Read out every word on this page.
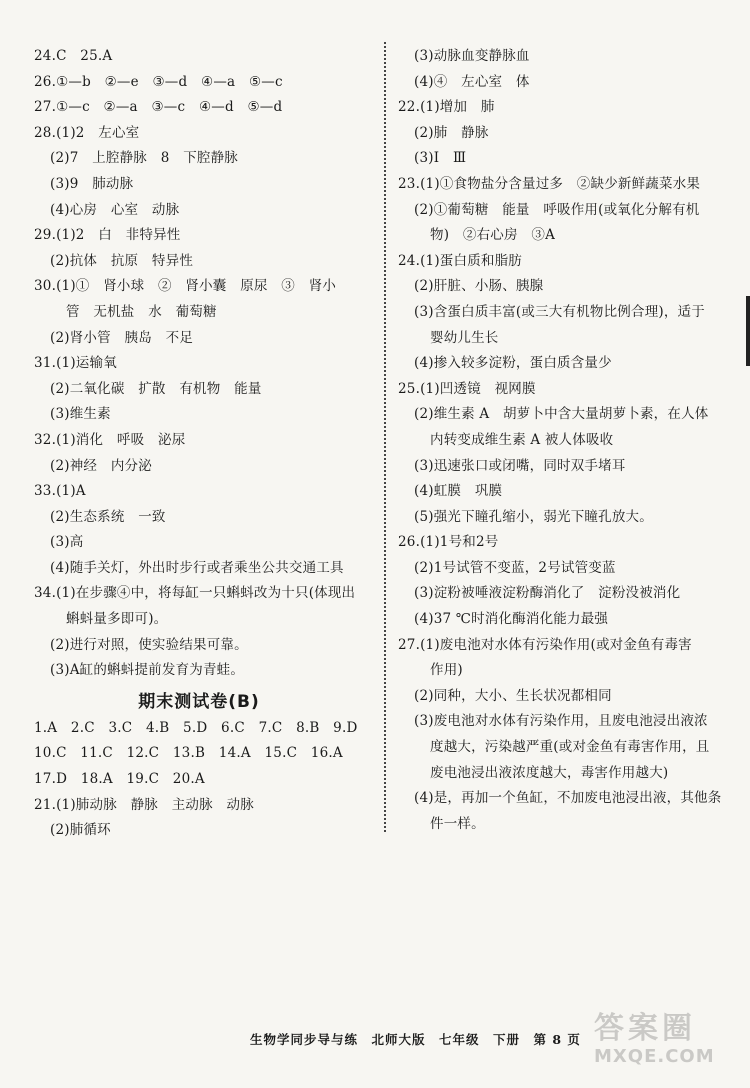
24.C　25.A
26.①—b　②—e　③—d　④—a　⑤—c
27.①—c　②—a　③—c　④—d　⑤—d
28.(1)2　左心室
(2)7　上腔静脉　8　下腔静脉
(3)9　肺动脉
(4)心房　心室　动脉
29.(1)2　白　非特异性
(2)抗体　抗原　特异性
30.(1)①　肾小球　②　肾小囊　原尿　③　肾小
管　无机盐　水　葡萄糖
(2)肾小管　胰岛　不足
31.(1)运输氧
(2)二氧化碳　扩散　有机物　能量
(3)维生素
32.(1)消化　呼吸　泌尿
(2)神经　内分泌
33.(1)A
(2)生态系统　一致
(3)高
(4)随手关灯，外出时步行或者乘坐公共交通工具
34.(1)在步骤④中，将每缸一只蝌蚪改为十只(体现出
蝌蚪量多即可)。
(2)进行对照，使实验结果可靠。
(3)A缸的蝌蚪提前发育为青蛙。
期末测试卷(B)
1.A　2.C　3.C　4.B　5.D　6.C　7.C　8.B　9.D
10.C　11.C　12.C　13.B　14.A　15.C　16.A
17.D　18.A　19.C　20.A
21.(1)肺动脉　静脉　主动脉　动脉
(2)肺循环
(3)动脉血变静脉血
(4)④　左心室　体
22.(1)增加　肺
(2)肺　静脉
(3)Ⅰ　Ⅲ
23.(1)①食物盐分含量过多　②缺少新鲜蔬菜水果
(2)①葡萄糖　能量　呼吸作用(或氧化分解有机
物)　②右心房　③A
24.(1)蛋白质和脂肪
(2)肝脏、小肠、胰腺
(3)含蛋白质丰富(或三大有机物比例合理)，适于
婴幼儿生长
(4)掺入较多淀粉，蛋白质含量少
25.(1)凹透镜　视网膜
(2)维生素 A　胡萝卜中含大量胡萝卜素，在人体
内转变成维生素 A 被人体吸收
(3)迅速张口或闭嘴，同时双手堵耳
(4)虹膜　巩膜
(5)强光下瞳孔缩小，弱光下瞳孔放大。
26.(1)1号和2号
(2)1号试管不变蓝，2号试管变蓝
(3)淀粉被唾液淀粉酶消化了　淀粉没被消化
(4)37 ℃时消化酶消化能力最强
27.(1)废电池对水体有污染作用(或对金鱼有毒害
作用)
(2)同种，大小、生长状况都相同
(3)废电池对水体有污染作用，且废电池浸出液浓
度越大，污染越严重(或对金鱼有毒害作用，且
废电池浸出液浓度越大，毒害作用越大)
(4)是，再加一个鱼缸，不加废电池浸出液，其他条
件一样。
生物学同步导与练　北师大版　七年级　下册　第 8 页 答案圈
MXQE.COM
